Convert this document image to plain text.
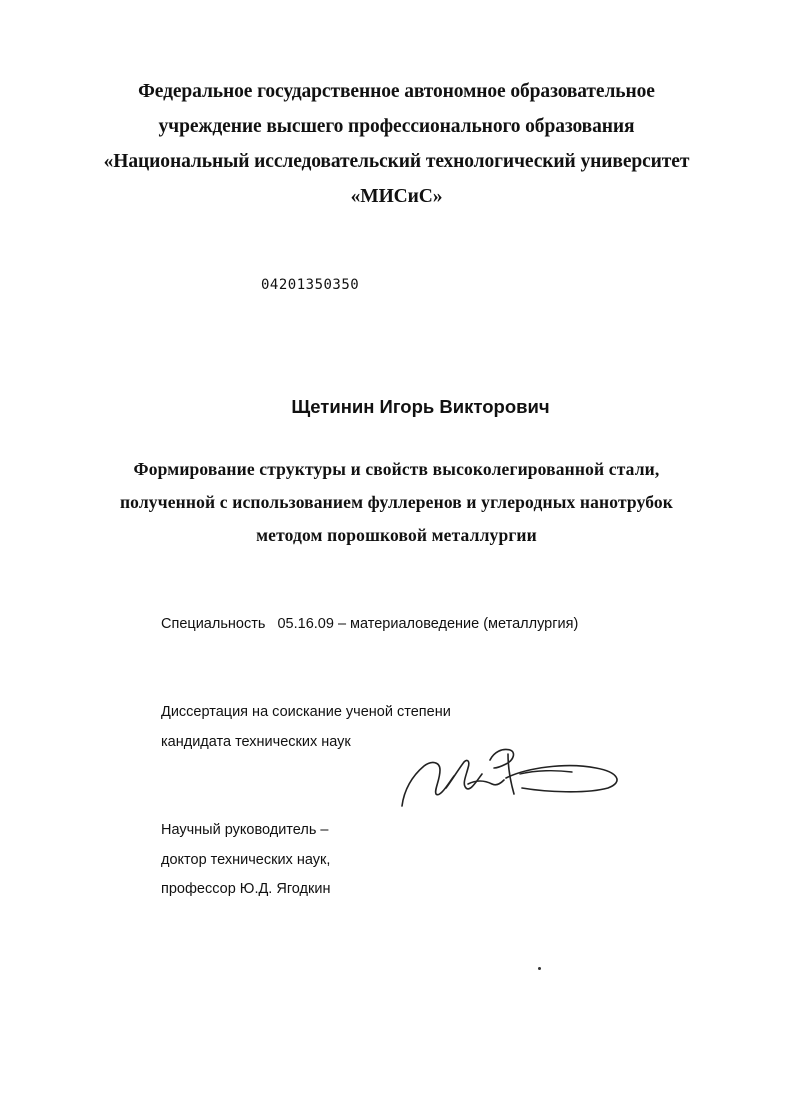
Федеральное государственное автономное образовательное
учреждение высшего профессионального образования
«Национальный исследовательский технологический университет
«МИСиС»
04201350350
Щетинин Игорь Викторович
Формирование структуры и свойств высоколегированной стали,
полученной с использованием фуллеренов и углеродных нанотрубок
методом порошковой металлургии
Специальность   05.16.09 – материаловедение (металлургия)
Диссертация на соискание ученой степени
кандидата технических наук
Научный руководитель –
доктор технических наук,
профессор Ю.Д. Ягодкин
